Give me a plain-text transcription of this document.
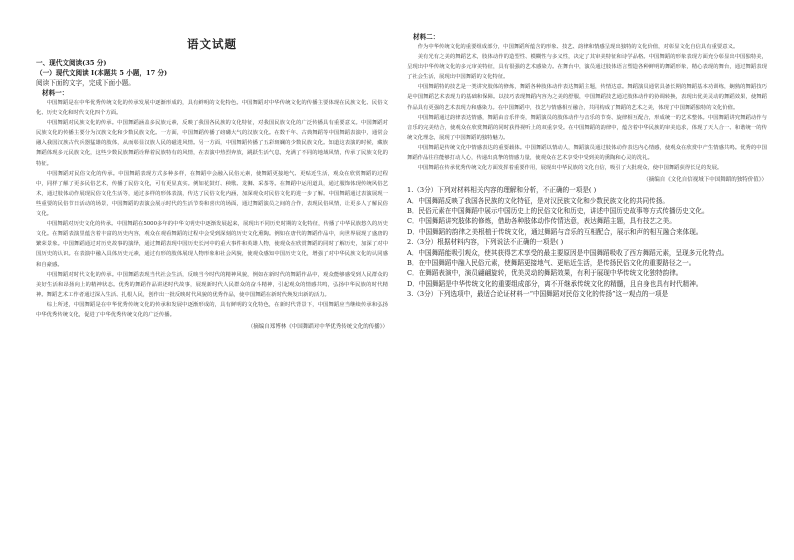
语文试题
一、现代文阅读(35 分)
（一）现代文阅读 I(本题共 5 小题，17 分)
阅读下面的文字，完成下面小题。
材料一：

中国舞蹈是在中华优秀传统文化的传承发展中逐渐形成的，具有鲜明的文化特色。中国舞蹈对中华传统文化的传播主要体现在民族文化、民俗文化、历史文化和时代文化四个方面。

中国舞蹈对民族文化的传承。中国舞蹈涵盖多民族元素，反映了我国各民族的文化特征，对我国民族文化的广泛传播具有重要意义。中国舞蹈对民族文化的传播主要分为汉族文化和少数民族文化。一方面，中国舞蹈传播了磅礴大气的汉族文化。在数千年、古典舞蹈等中国舞蹈表演中，通常会融入我国汉族古代兵器猛雄的肢体，从而彰显汉族人民的磁进风情。另一方面，中国舞蹈传播了五彩斑斓的少数民族文化。知道这表演的时候，藏族舞蹈体现多元民族文化，这些少数民族舞蹈诠释着民族特有的风情，在表演中热烈奔放，跳跃生活气息，充满了不同的地域风情，传承了民族文化的特征。

中国舞蹈对民俗文化的传承。中国舞蹈表现方式多种多样，在舞蹈中会融入民俗元素，使舞蹈更接地气、更贴近生活，观众在欣赏舞蹈的过程中，同样了解了更多民俗艺术，传播了民俗文化，可有更显真实。例如花鼓灯、秧歌、龙狮、采茶等。在舞蹈中运用道具，通过服饰体现传统风俗艺术，通过肢体动作展现民俗文化生活等，通过多样的形体表演，传达了民俗文化内涵，加深观众对民俗文化的进一步了解。中国舞蹈通过表演展现一些重要的民俗节日活动的场景，中国舞蹈的表演会展示时代的生活节奏和喜庆的场面，通过舞蹈演员之间的合作，表现民俗风情，让更多人了解民俗文化。

中国舞蹈对历史文化的传承。中国舞蹈在5000多年的中华文明史中逐渐发展起来，展现出不同历史时期的文化特征，传播了中华民族悠久的历史文化。在舞蹈表演里蕴含着丰富的历史内容，观众在观看舞蹈的过程中会受到深刻的历史文化熏陶。例如在唐代的舞蹈作品中，向世界展现了盛唐的繁荣景象。中国舞蹈通过对历史故事的演绎，通过舞蹈表现中国历史长河中的重大事件和英雄人物，使观众在欣赏舞蹈的同时了解历史，加深了对中国历史的认识。在表演中融入具体历史元素，通过有形的肢体展现人物形象和社会风貌，使观众感知中国历史文化，增强了对中华民族文化的认同感和自豪感。

中国舞蹈对时代文化的传承。中国舞蹈表现当代社会生活，反映当今时代的精神风貌，例如在新时代的舞蹈作品中，观众能够感受到人民群众的美好生活和昂扬向上的精神状态。优秀的舞蹈作品讲述时代故事，展现新时代人民群众的奋斗精神，引起观众的情感共鸣，弘扬中华民族的时代精神。舞蹈艺术工作者通过深入生活、扎根人民，创作出一批反映时代风貌的优秀作品，使中国舞蹈在新时代焕发出新的活力。

综上所述，中国舞蹈是在中华优秀传统文化的传承和发展中逐渐形成的，具有鲜明的文化特色，在新时代背景下，中国舞蹈应当继续传承和弘扬中华优秀传统文化，促进了中华优秀传统文化的广泛传播。

（摘编自郑博林《中国舞蹈对中华优秀传统文化的传播》）

材料二：

作为中华传统文化的重要组成部分，中国舞蹈所蕴含的形象、技艺、韵律和情感呈现出独特的文化价值，对彰显文化自信具有重要意义。

美有光有之美的舞蹈艺术，肢体动作的造型性、模糊性与多义性，决定了其审美特征和诗学品格。中国舞蹈的形象表现方面充分彰显出中国独特美，呈现出中华传统文化的多元审美特征，具有很强的艺术感染力。在舞台中，演员通过肢体语言塑造各种鲜明的舞蹈形象，精心表现的舞台，通过舞蹈表现了社会生活，展现出中国舞蹈的文化特征。

中国舞蹈特的技艺是一类讲究肢体的修炼，舞蹈各种肢体动作表达舞蹈主题，传情达意。舞蹈演员通常具备长期的舞蹈基本功训练，娴熟的舞蹈技巧是中国舞蹈艺术表现力的基础和保障。以技巧表现舞蹈内容为之美的舒服，中国舞蹈技艺通过肢体动作的协调转换，表现出优美灵动的舞蹈效果，使舞蹈作品具有更强的艺术表现力和感染力。在中国舞蹈中，技艺与情感相互融合，共同构成了舞蹈的艺术之美，体现了中国舞蹈独特的文化价值。

中国舞蹈通过韵律表达情感，舞蹈由音乐伴奏，舞蹈演员的肢体动作与音乐的节奏、旋律相互配合，形成统一的艺术整体。中国舞蹈讲究舞蹈动作与音乐的完美结合，使观众在欣赏舞蹈的同时获得视听上的双重享受。在中国舞蹈的韵律中，蕴含着中华民族的审美追求，体现了天人合一、和谐统一的传统文化理念，展现了中国舞蹈的独特魅力。

中国舞蹈是传统文化中情感表达的重要载体。中国舞蹈以情动人，舞蹈演员通过肢体动作表达内心情感，使观众在欣赏中产生情感共鸣。优秀的中国舞蹈作品往往能够打动人心，传递出真挚的情感力量，使观众在艺术享受中受到美的熏陶和心灵的洗礼。

中国舞蹈在传承优秀传统文化方面发挥着重要作用，展现出中华民族的文化自信，吸引了大批观众，使中国舞蹈获得长足的发展。

（摘编自《文化自信视域下中国舞蹈的独特价值》）

1.（3分）下列对材料相关内容的理解和分析，不正确的一项是( )

A．中国舞蹈反映了我国各民族的文化特征，是对汉民族文化和少数民族文化的共同传扬。

B．民俗元素在中国舞蹈中展示中国历史上的民俗文化和历史，讲述中国历史故事等方式传播历史文化。

C．中国舞蹈讲究肢体的修炼，借助各种肢体动作传情达意，表达舞蹈主题，具有技艺之美。

D．中国舞蹈的韵律之美根植于传统文化，通过舞蹈与音乐的互相配合，展示和声的相互融合来体现。

2.（3分）根据材料内容，下列说法不正确的一项是( )

A．中国舞蹈能吸引观众，使其获得艺术享受的最主要原因是中国舞蹈吸收了西方舞蹈元素，呈现多元化特点。

B．在中国舞蹈中融入民俗元素，使舞蹈更接地气、更贴近生活，是传扬民俗文化的重要路径之一。

C．在舞蹈表演中，演员翩翩旋转，优美灵动的舞蹈效果，有利于展现中华传统文化独特韵律。

D．中国舞蹈是中华传统文化的重要组成部分，离不开继承传统文化的精髓，且自身也具有时代精神。

3.（3分）下列选项中，最适合论证材料一“中国舞蹈对民俗文化的传扬”这一观点的一项是
